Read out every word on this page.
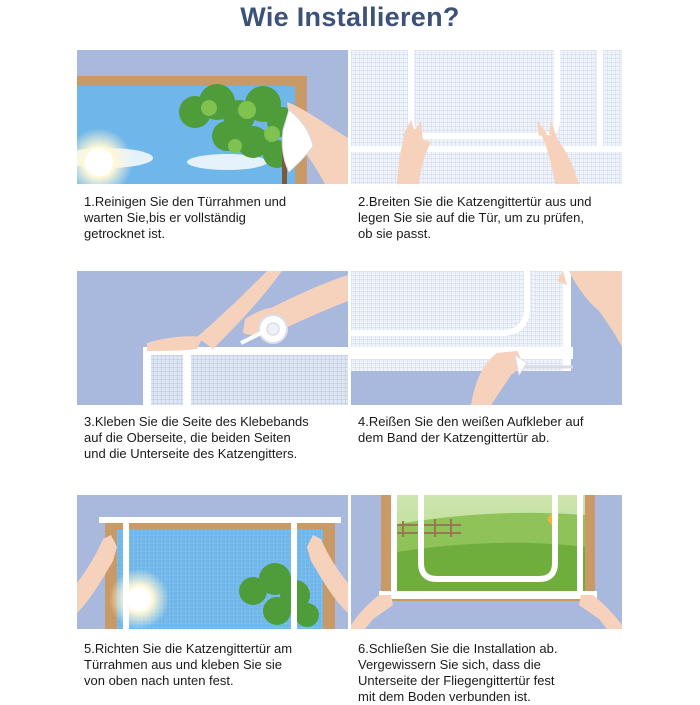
Wie Installieren?

1.Reinigen Sie den Türrahmen und
warten Sie,bis er vollständig
getrocknet ist.

2.Breiten Sie die Katzengittertür aus und
legen Sie sie auf die Tür, um zu prüfen,
ob sie passt.

3.Kleben Sie die Seite des Klebebands
auf die Oberseite, die beiden Seiten
und die Unterseite des Katzengitters.

4.Reißen Sie den weißen Aufkleber auf
dem Band der Katzengittertür ab.

5.Richten Sie die Katzengittertür am
Türrahmen aus und kleben Sie sie
von oben nach unten fest.

6.Schließen Sie die Installation ab.
Vergewissern Sie sich, dass die
Unterseite der Fliegengittertür fest
mit dem Boden verbunden ist.
